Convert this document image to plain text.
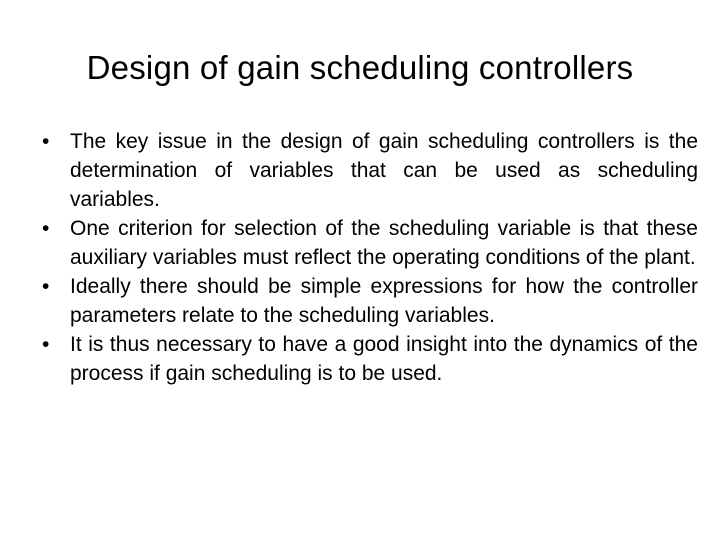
Design of gain scheduling controllers
• The key issue in the design of gain scheduling controllers is the determination of variables that can be used as scheduling variables.
• One criterion for selection of the scheduling variable is that these auxiliary variables must reflect the operating conditions of the plant.
• Ideally there should be simple expressions for how the controller parameters relate to the scheduling variables.
• It is thus necessary to have a good insight into the dynamics of the process if gain scheduling is to be used.
